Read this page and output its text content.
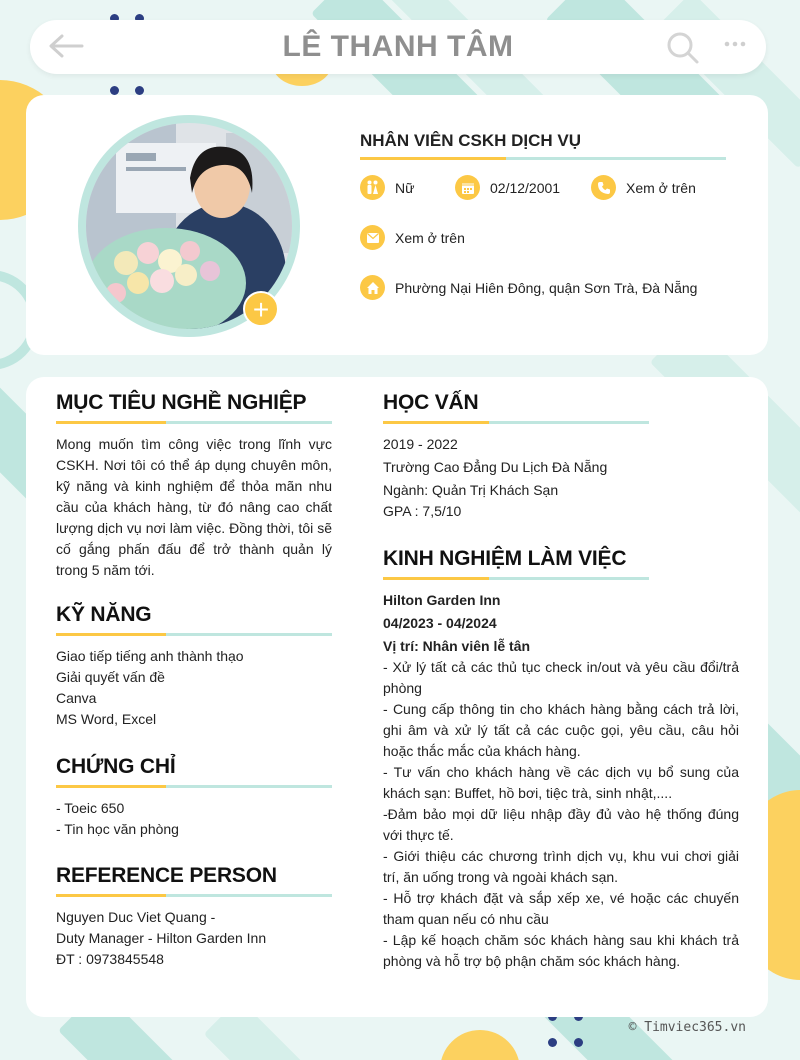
LÊ THANH TÂM
+
NHÂN VIÊN CSKH DỊCH VỤ
Nữ	02/12/2001	Xem ở trên
Xem ở trên
Phường Nại Hiên Đông, quận Sơn Trà, Đà Nẵng
MỤC TIÊU NGHỀ NGHIỆP

Mong muốn tìm công việc trong lĩnh vực CSKH. Nơi tôi có thể áp dụng chuyên môn, kỹ năng và kinh nghiệm để thỏa mãn nhu cầu của khách hàng, từ đó nâng cao chất lượng dịch vụ nơi làm việc. Đồng thời, tôi sẽ cố gắng phấn đấu để trở thành quản lý trong 5 năm tới.

KỸ NĂNG
Giao tiếp tiếng anh thành thạo
Giải quyết vấn đề
Canva
MS Word, Excel
CHỨNG CHỈ
- Toeic 650
- Tin học văn phòng
REFERENCE PERSON
Nguyen Duc Viet Quang -
Duty Manager - Hilton Garden Inn
ĐT : 0973845548
HỌC VẤN
2019 - 2022
Trường Cao Đẳng Du Lịch Đà Nẵng
Ngành: Quản Trị Khách Sạn
GPA : 7,5/10
KINH NGHIỆM LÀM VIỆC
Hilton Garden Inn
04/2023 - 04/2024
Vị trí: Nhân viên lễ tân

- Xử lý tất cả các thủ tục check in/out và yêu cầu đổi/trả phòng

- Cung cấp thông tin cho khách hàng bằng cách trả lời, ghi âm và xử lý tất cả các cuộc gọi, yêu cầu, câu hỏi hoặc thắc mắc của khách hàng.

- Tư vấn cho khách hàng về các dịch vụ bổ sung của khách sạn: Buffet, hồ bơi, tiệc trà, sinh nhật,....

-Đảm bảo mọi dữ liệu nhập đầy đủ vào hệ thống đúng với thực tế.

- Giới thiệu các chương trình dịch vụ, khu vui chơi giải trí, ăn uống trong và ngoài khách sạn.

- Hỗ trợ khách đặt và sắp xếp xe, vé hoặc các chuyến tham quan nếu có nhu cầu

- Lập kế hoạch chăm sóc khách hàng sau khi khách trả phòng và hỗ trợ bộ phận chăm sóc khách hàng.

© Timviec365.vn
